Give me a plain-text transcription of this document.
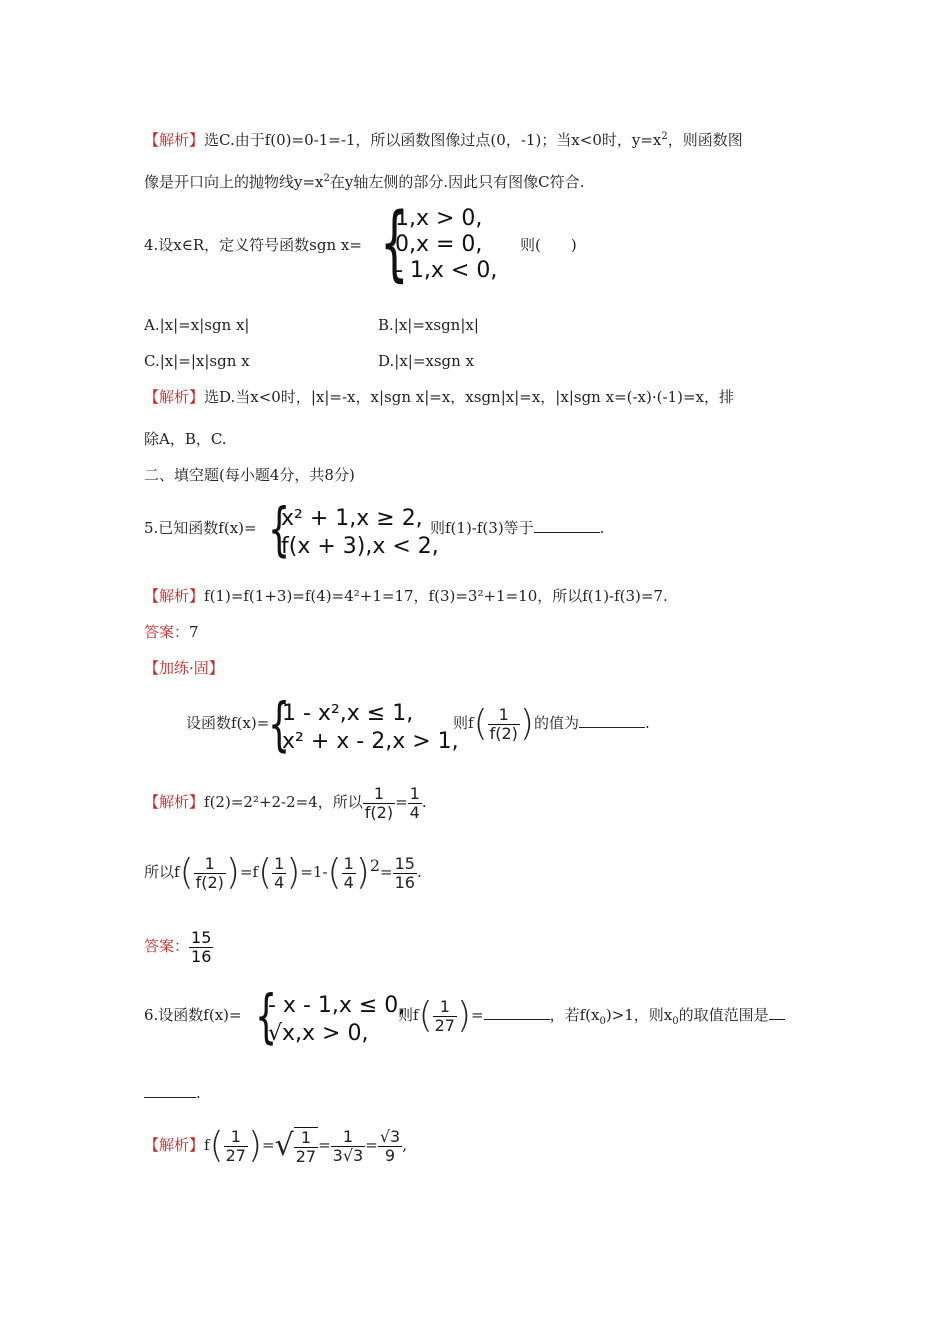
【解析】选C.由于f(0)=0-1=-1，所以函数图像过点(0，-1)；当x<0时，$y=x^2$，则函数图
像是开口向上的抛物线$y=x^2$在y轴左侧的部分.因此只有图像C符合.
4.设x∈R，定义符号函数sgn x= {
1,x > 0,
0,x = 0,
- 1,x < 0,
则(　　)
A.|x|=x|sgn x|	B.|x|=xsgn|x|
C.|x|=|x|sgn x	D.|x|=xsgn x
【解析】选D.当x<0时，|x|=-x，x|sgn x|=x，xsgn|x|=x，|x|sgn x=(-x)·(-1)=x，排
除A，B，C.
二、填空题(每小题4分，共8分)
5.已知函数f(x)= {
x² + 1,x ≥ 2,
f(x + 3),x < 2,
则f(1)-f(3)等于	.
【解析】f(1)=f(1+3)=f(4)=4²+1=17，f(3)=3²+1=10，所以f(1)-f(3)=7.
答案：7
【加练·固】
设函数f(x)=
{
1 - x²,x ≤ 1,
x² + x - 2,x > 1,
则$f( \frac{1}{f(2)}$ )的值为	.
【解析】f(2)=2²+2-2=4，所以 $\frac{1}{f(2)} = \frac{1}{4}$ .
所以$f( \frac{1}{f(2)} )=f( \frac{1}{4} )=1-( \frac{1}{4} )^2= \frac{15}{16}$ .
答案： $\frac{15}{16}$
6.设函数f(x)= {
- x - 1,x ≤ 0,
√x,x > 0,
则$f( \frac{1}{27}$ )=	，若$f(x_0)>1$，则$x_0$的取值范围是
.
【解析】$f( \frac{1}{27}$ )=√ $\frac{1}{27} = \frac{1}{3√3} = \frac{√3}{9}$ ,
